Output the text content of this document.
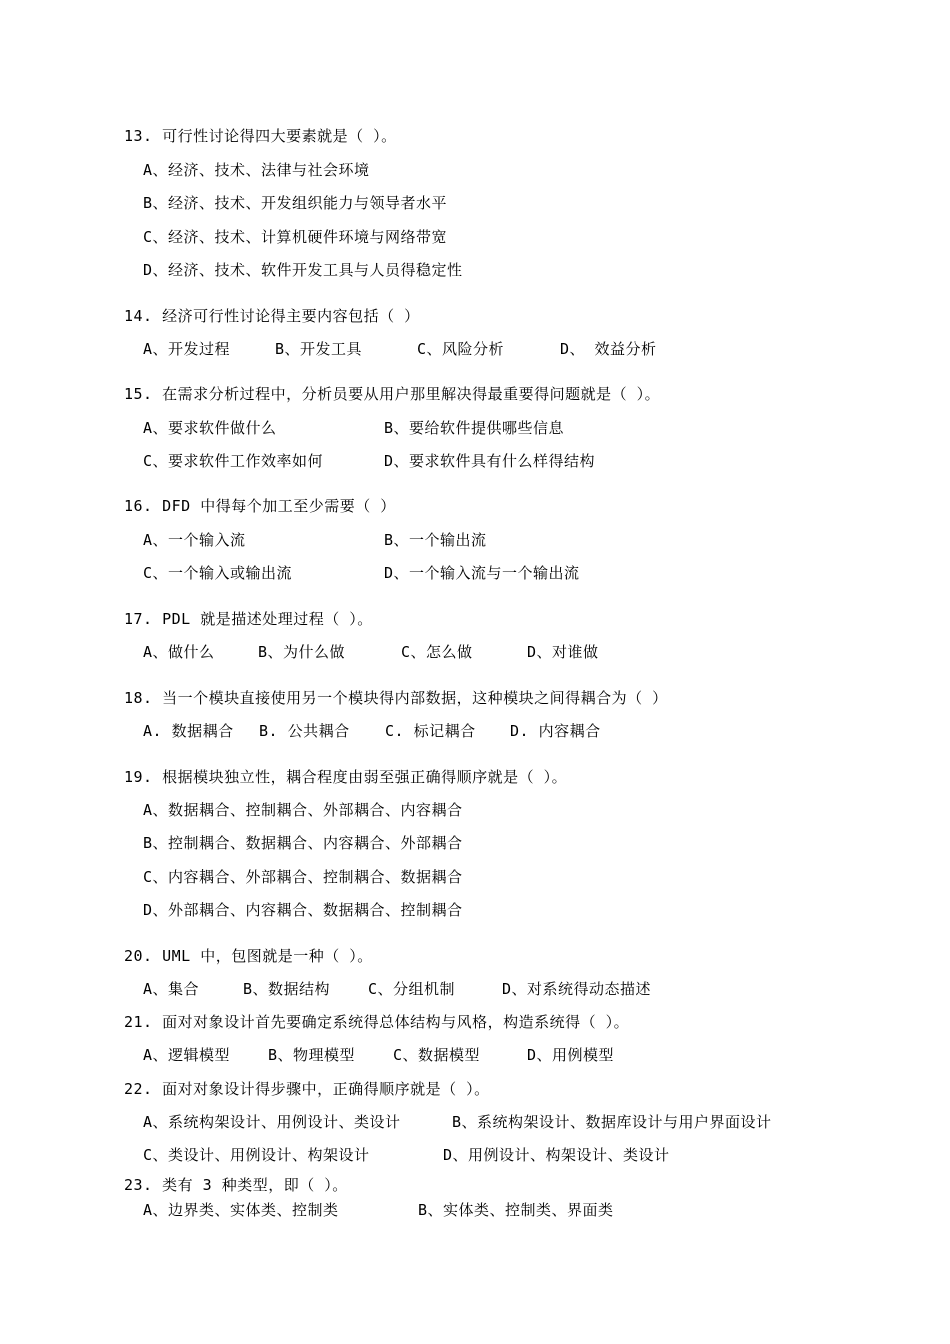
13. 可行性讨论得四大要素就是（ ）。
A、经济、技术、法律与社会环境
B、经济、技术、开发组织能力与领导者水平
C、经济、技术、计算机硬件环境与网络带宽
D、经济、技术、软件开发工具与人员得稳定性
14. 经济可行性讨论得主要内容包括（ ）
A、开发过程	B、开发工具	C、风险分析	D、 效益分析
15. 在需求分析过程中，分析员要从用户那里解决得最重要得问题就是（ ）。
A、要求软件做什么	B、要给软件提供哪些信息
C、要求软件工作效率如何	D、要求软件具有什么样得结构
16. DFD 中得每个加工至少需要（ ）
A、一个输入流	B、一个输出流
C、一个输入或输出流	D、一个输入流与一个输出流
17. PDL 就是描述处理过程（ ）。
A、做什么	B、为什么做	C、怎么做	D、对谁做
18. 当一个模块直接使用另一个模块得内部数据，这种模块之间得耦合为（ ）
A. 数据耦合 B. 公共耦合 C. 标记耦合 D. 内容耦合
19. 根据模块独立性，耦合程度由弱至强正确得顺序就是（ ）。
A、数据耦合、控制耦合、外部耦合、内容耦合
B、控制耦合、数据耦合、内容耦合、外部耦合
C、内容耦合、外部耦合、控制耦合、数据耦合
D、外部耦合、内容耦合、数据耦合、控制耦合
20. UML 中，包图就是一种（ ）。
A、集合	B、数据结构	C、分组机制	D、对系统得动态描述
21. 面对对象设计首先要确定系统得总体结构与风格，构造系统得（ ）。
A、逻辑模型	B、物理模型	C、数据模型	D、用例模型
22. 面对对象设计得步骤中，正确得顺序就是（ ）。
A、系统构架设计、用例设计、类设计	B、系统构架设计、数据库设计与用户界面设计
C、类设计、用例设计、构架设计	D、用例设计、构架设计、类设计
23. 类有 3 种类型，即（ ）。
A、边界类、实体类、控制类	B、实体类、控制类、界面类
